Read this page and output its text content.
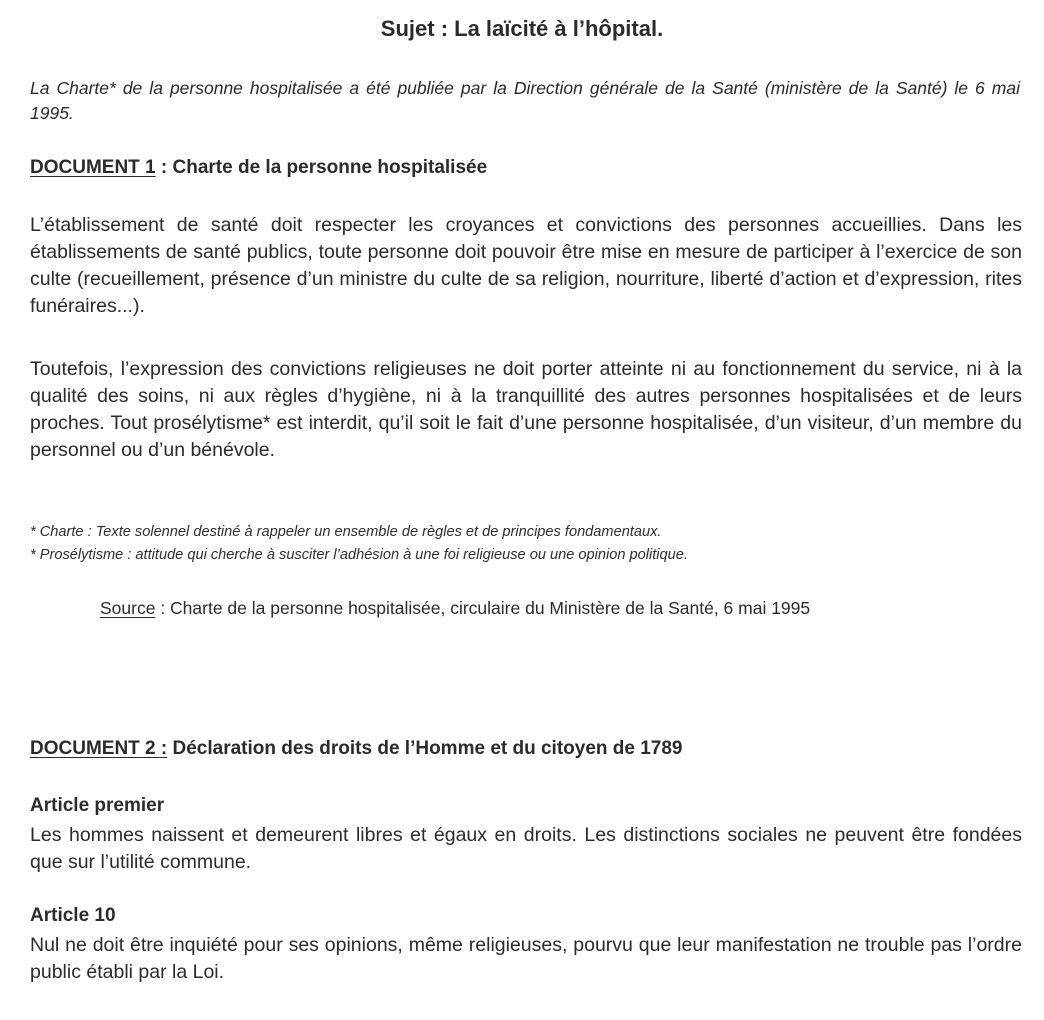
Sujet : La laïcité à l’hôpital.
La Charte* de la personne hospitalisée a été publiée par la Direction générale de la Santé (ministère de la Santé) le 6 mai 1995.
DOCUMENT 1 : Charte de la personne hospitalisée
L’établissement de santé doit respecter les croyances et convictions des personnes accueillies. Dans les établissements de santé publics, toute personne doit pouvoir être mise en mesure de participer à l’exercice de son culte (recueillement, présence d’un ministre du culte de sa religion, nourriture, liberté d’action et d’expression, rites funéraires...).
Toutefois, l’expression des convictions religieuses ne doit porter atteinte ni au fonctionnement du service, ni à la qualité des soins, ni aux règles d’hygiène, ni à la tranquillité des autres personnes hospitalisées et de leurs proches. Tout prosélytisme* est interdit, qu’il soit le fait d’une personne hospitalisée, d’un visiteur, d’un membre du personnel ou d’un bénévole.
* Charte : Texte solennel destiné à rappeler un ensemble de règles et de principes fondamentaux.
* Prosélytisme : attitude qui cherche à susciter l’adhésion à une foi religieuse ou une opinion politique.
Source : Charte de la personne hospitalisée, circulaire du Ministère de la Santé, 6 mai 1995
DOCUMENT 2 : Déclaration des droits de l’Homme et du citoyen de 1789
Article premier
Les hommes naissent et demeurent libres et égaux en droits. Les distinctions sociales ne peuvent être fondées que sur l’utilité commune.
Article 10
Nul ne doit être inquiété pour ses opinions, même religieuses, pourvu que leur manifestation ne trouble pas l’ordre public établi par la Loi.
